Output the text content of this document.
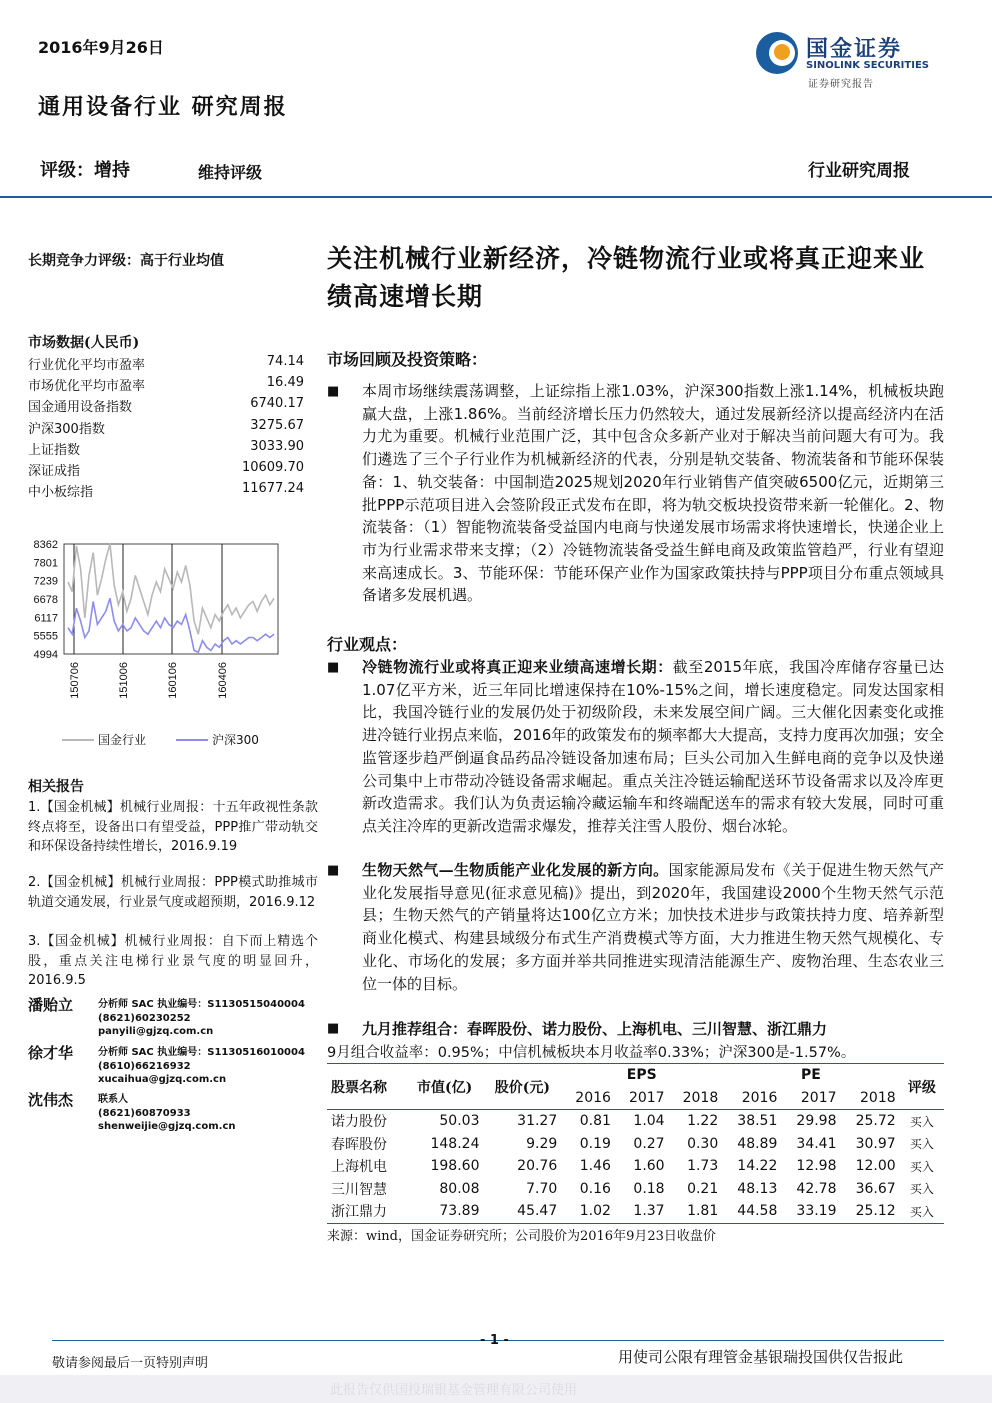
2016年9月26日	国金证券
SINOLINK SECURITIES
证券研究报告
通用设备行业 研究周报
评级：增持	维持评级	行业研究周报
长期竞争力评级：高于行业均值
市场数据(人民币)
行业优化平均市盈率	74.14
市场优化平均市盈率	16.49
国金通用设备指数	6740.17
沪深300指数	3275.67
上证指数	3033.90
深证成指	10609.70
中小板综指	11677.24
8362
7801
7239
6678
6117
5555
4994
150706	151006	160106	160406
国金行业	沪深300
相关报告
1.【国金机械】机械行业周报：十五年政视性条款终点将至，设备出口有望受益，PPP推广带动轨交和环保设备持续性增长，2016.9.19
2.【国金机械】机械行业周报：PPP模式助推城市轨道交通发展，行业景气度或超预期，2016.9.12
3.【国金机械】机械行业周报：自下而上精选个股，重点关注电梯行业景气度的明显回升，2016.9.5
潘贻立 分析师 SAC 执业编号：S1130515040004
(8621)60230252
panyili@gjzq.com.cn
徐才华 分析师 SAC 执业编号：S1130516010004
(8610)66216932
xucaihua@gjzq.com.cn
沈伟杰 联系人
(8621)60870933
shenweijie@gjzq.com.cn
关注机械行业新经济，冷链物流行业或将真正迎来业绩高速增长期
市场回顾及投资策略：
■ 本周市场继续震荡调整，上证综指上涨1.03%，沪深300指数上涨1.14%，机械板块跑赢大盘，上涨1.86%。当前经济增长压力仍然较大，通过发展新经济以提高经济内在活力尤为重要。机械行业范围广泛，其中包含众多新产业对于解决当前问题大有可为。我们遴选了三个子行业作为机械新经济的代表，分别是轨交装备、物流装备和节能环保装备：1、轨交装备：中国制造2025规划2020年行业销售产值突破6500亿元，近期第三批PPP示范项目进入会签阶段正式发布在即，将为轨交板块投资带来新一轮催化。2、物流装备：（1）智能物流装备受益国内电商与快递发展市场需求将快速增长，快递企业上市为行业需求带来支撑；（2）冷链物流装备受益生鲜电商及政策监管趋严，行业有望迎来高速成长。3、节能环保：节能环保产业作为国家政策扶持与PPP项目分布重点领域具备诸多发展机遇。
行业观点：
■ 冷链物流行业或将真正迎来业绩高速增长期：截至2015年底，我国冷库储存容量已达1.07亿平方米，近三年同比增速保持在10%-15%之间，增长速度稳定。同发达国家相比，我国冷链行业的发展仍处于初级阶段，未来发展空间广阔。三大催化因素变化或推进冷链行业拐点来临，2016年的政策发布的频率都大大提高，支持力度再次加强；安全监管逐步趋严倒逼食品药品冷链设备加速布局；巨头公司加入生鲜电商的竞争以及快递公司集中上市带动冷链设备需求崛起。重点关注冷链运输配送环节设备需求以及冷库更新改造需求。我们认为负责运输冷藏运输车和终端配送车的需求有较大发展，同时可重点关注冷库的更新改造需求爆发，推荐关注雪人股份、烟台冰轮。
■ 生物天然气—生物质能产业化发展的新方向。国家能源局发布《关于促进生物天然气产业化发展指导意见(征求意见稿)》提出，到2020年，我国建设2000个生物天然气示范县；生物天然气的产销量将达100亿立方米；加快技术进步与政策扶持力度、培养新型商业化模式、构建县域级分布式生产消费模式等方面，大力推进生物天然气规模化、专业化、市场化的发展；多方面并举共同推进实现清洁能源生产、废物治理、生态农业三位一体的目标。
■ 九月推荐组合：春晖股份、诺力股份、上海机电、三川智慧、浙江鼎力
9月组合收益率：0.95%；中信机械板块本月收益率0.33%；沪深300是-1.57%。
股票名称	市值(亿)	股价(元)	EPS			PE			评级
			2016	2017	2018	2016	2017	2018	
诺力股份	50.03	31.27	0.81	1.04	1.22	38.51	29.98	25.72	买入
春晖股份	148.24	9.29	0.19	0.27	0.30	48.89	34.41	30.97	买入
上海机电	198.60	20.76	1.46	1.60	1.73	14.22	12.98	12.00	买入
三川智慧	80.08	7.70	0.16	0.18	0.21	48.13	42.78	36.67	买入
浙江鼎力	73.89	45.47	1.02	1.37	1.81	44.58	33.19	25.12	买入
来源：wind，国金证券研究所；公司股价为2016年9月23日收盘价
- 1 -
敬请参阅最后一页特别声明	用使司公限有理管金基银瑞投国供仅告报此
此报告仅供国投瑞银基金管理有限公司使用
